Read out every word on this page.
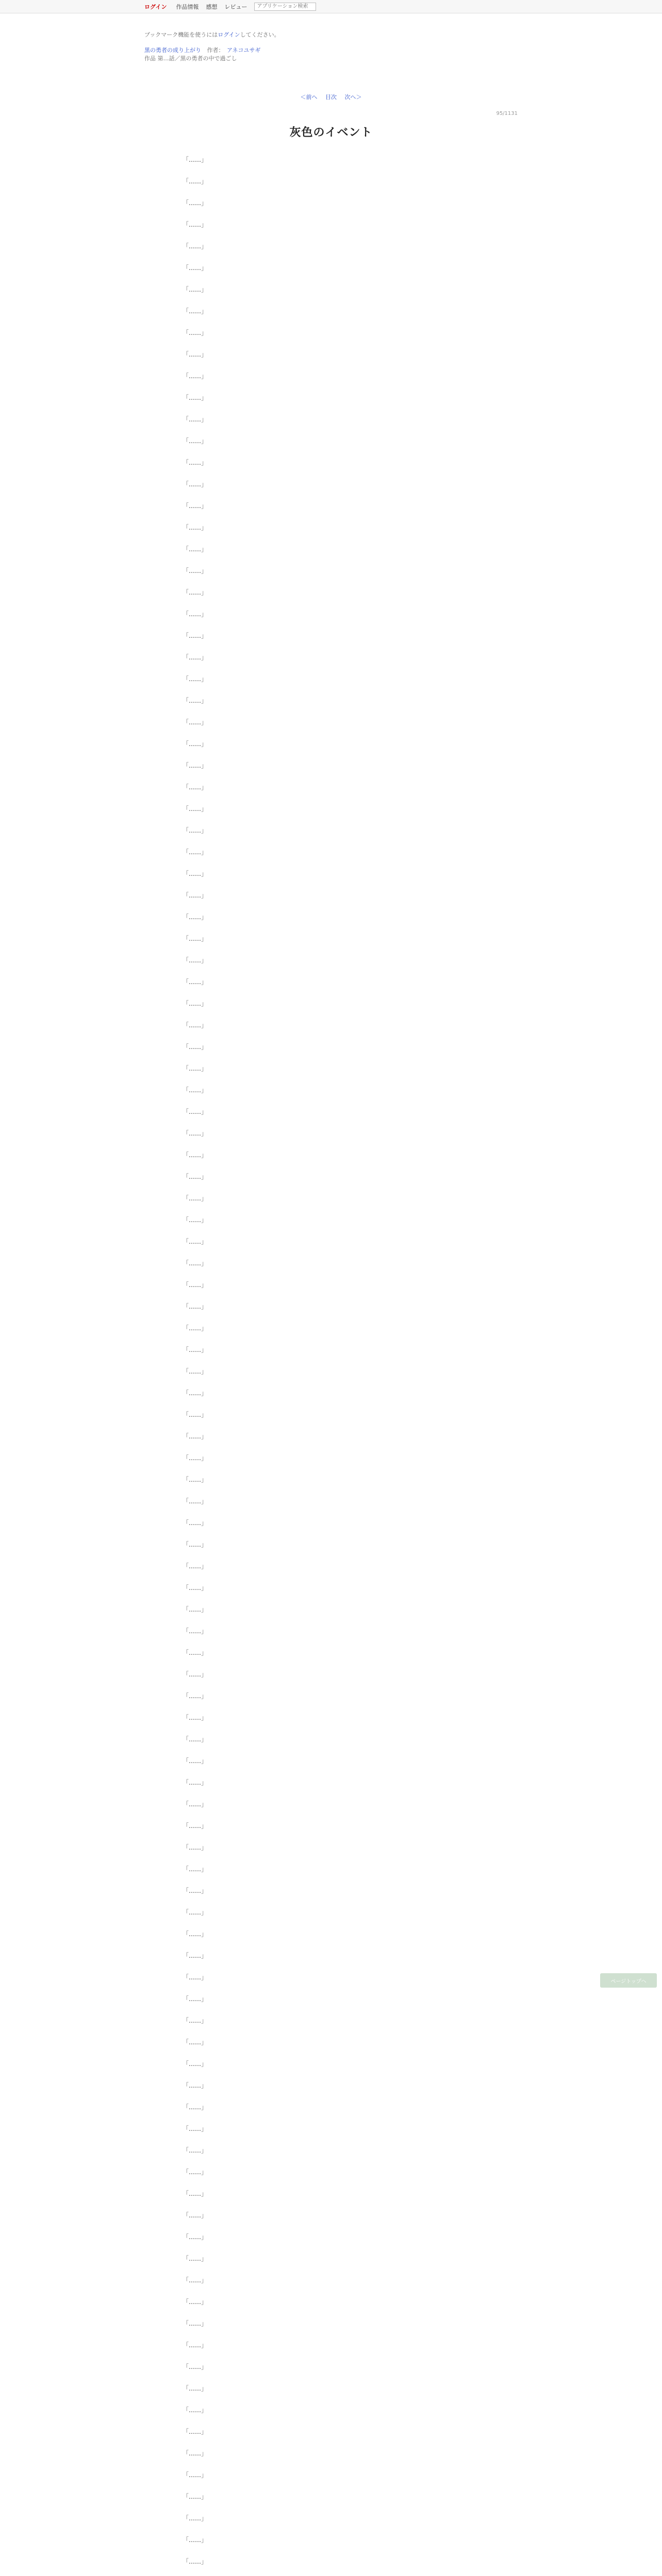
ログイン 作品情報 感想 レビュー
アプリケーション検索
ブックマーク機能を使うにはログインしてください。
黒の勇者の成り上がり 作者： アネコユサギ
作品 第…話／黒の勇者の中で過ごし
＜前へ 目次 次へ＞
95/1131
灰色のイベント

「……」

「……」

「……」

「……」

「……」

「……」

「……」

「……」

「……」

「……」

「……」

「……」

「……」

「……」

「……」

「……」

「……」

「……」

「……」

「……」

「……」

「……」

「……」

「……」

「……」

「……」

「……」

「……」

「……」

「……」

「……」

「……」

「……」

「……」

「……」

「……」

「……」

「……」

「……」

「……」

「……」

「……」

「……」

「……」

「……」

「……」

「……」

「……」

「……」

「……」

「……」

「……」

「……」

「……」

「……」

「……」

「……」

「……」

「……」

「……」

「……」

「……」

「……」

「……」

「……」

「……」

「……」

「……」

「……」

「……」

「……」

「……」

「……」

「……」

「……」

「……」

「……」

「……」

「……」

「……」

「……」

「……」

「……」

「……」

「……」

「……」

「……」

「……」

「……」

「……」

「……」

「……」

「……」

「……」

「……」

「……」

「……」

「……」

「……」

「……」

「……」

「……」

「……」

「……」

「……」

「……」

「……」

「……」

「……」

「……」

「……」

「……」

ページトップへ
